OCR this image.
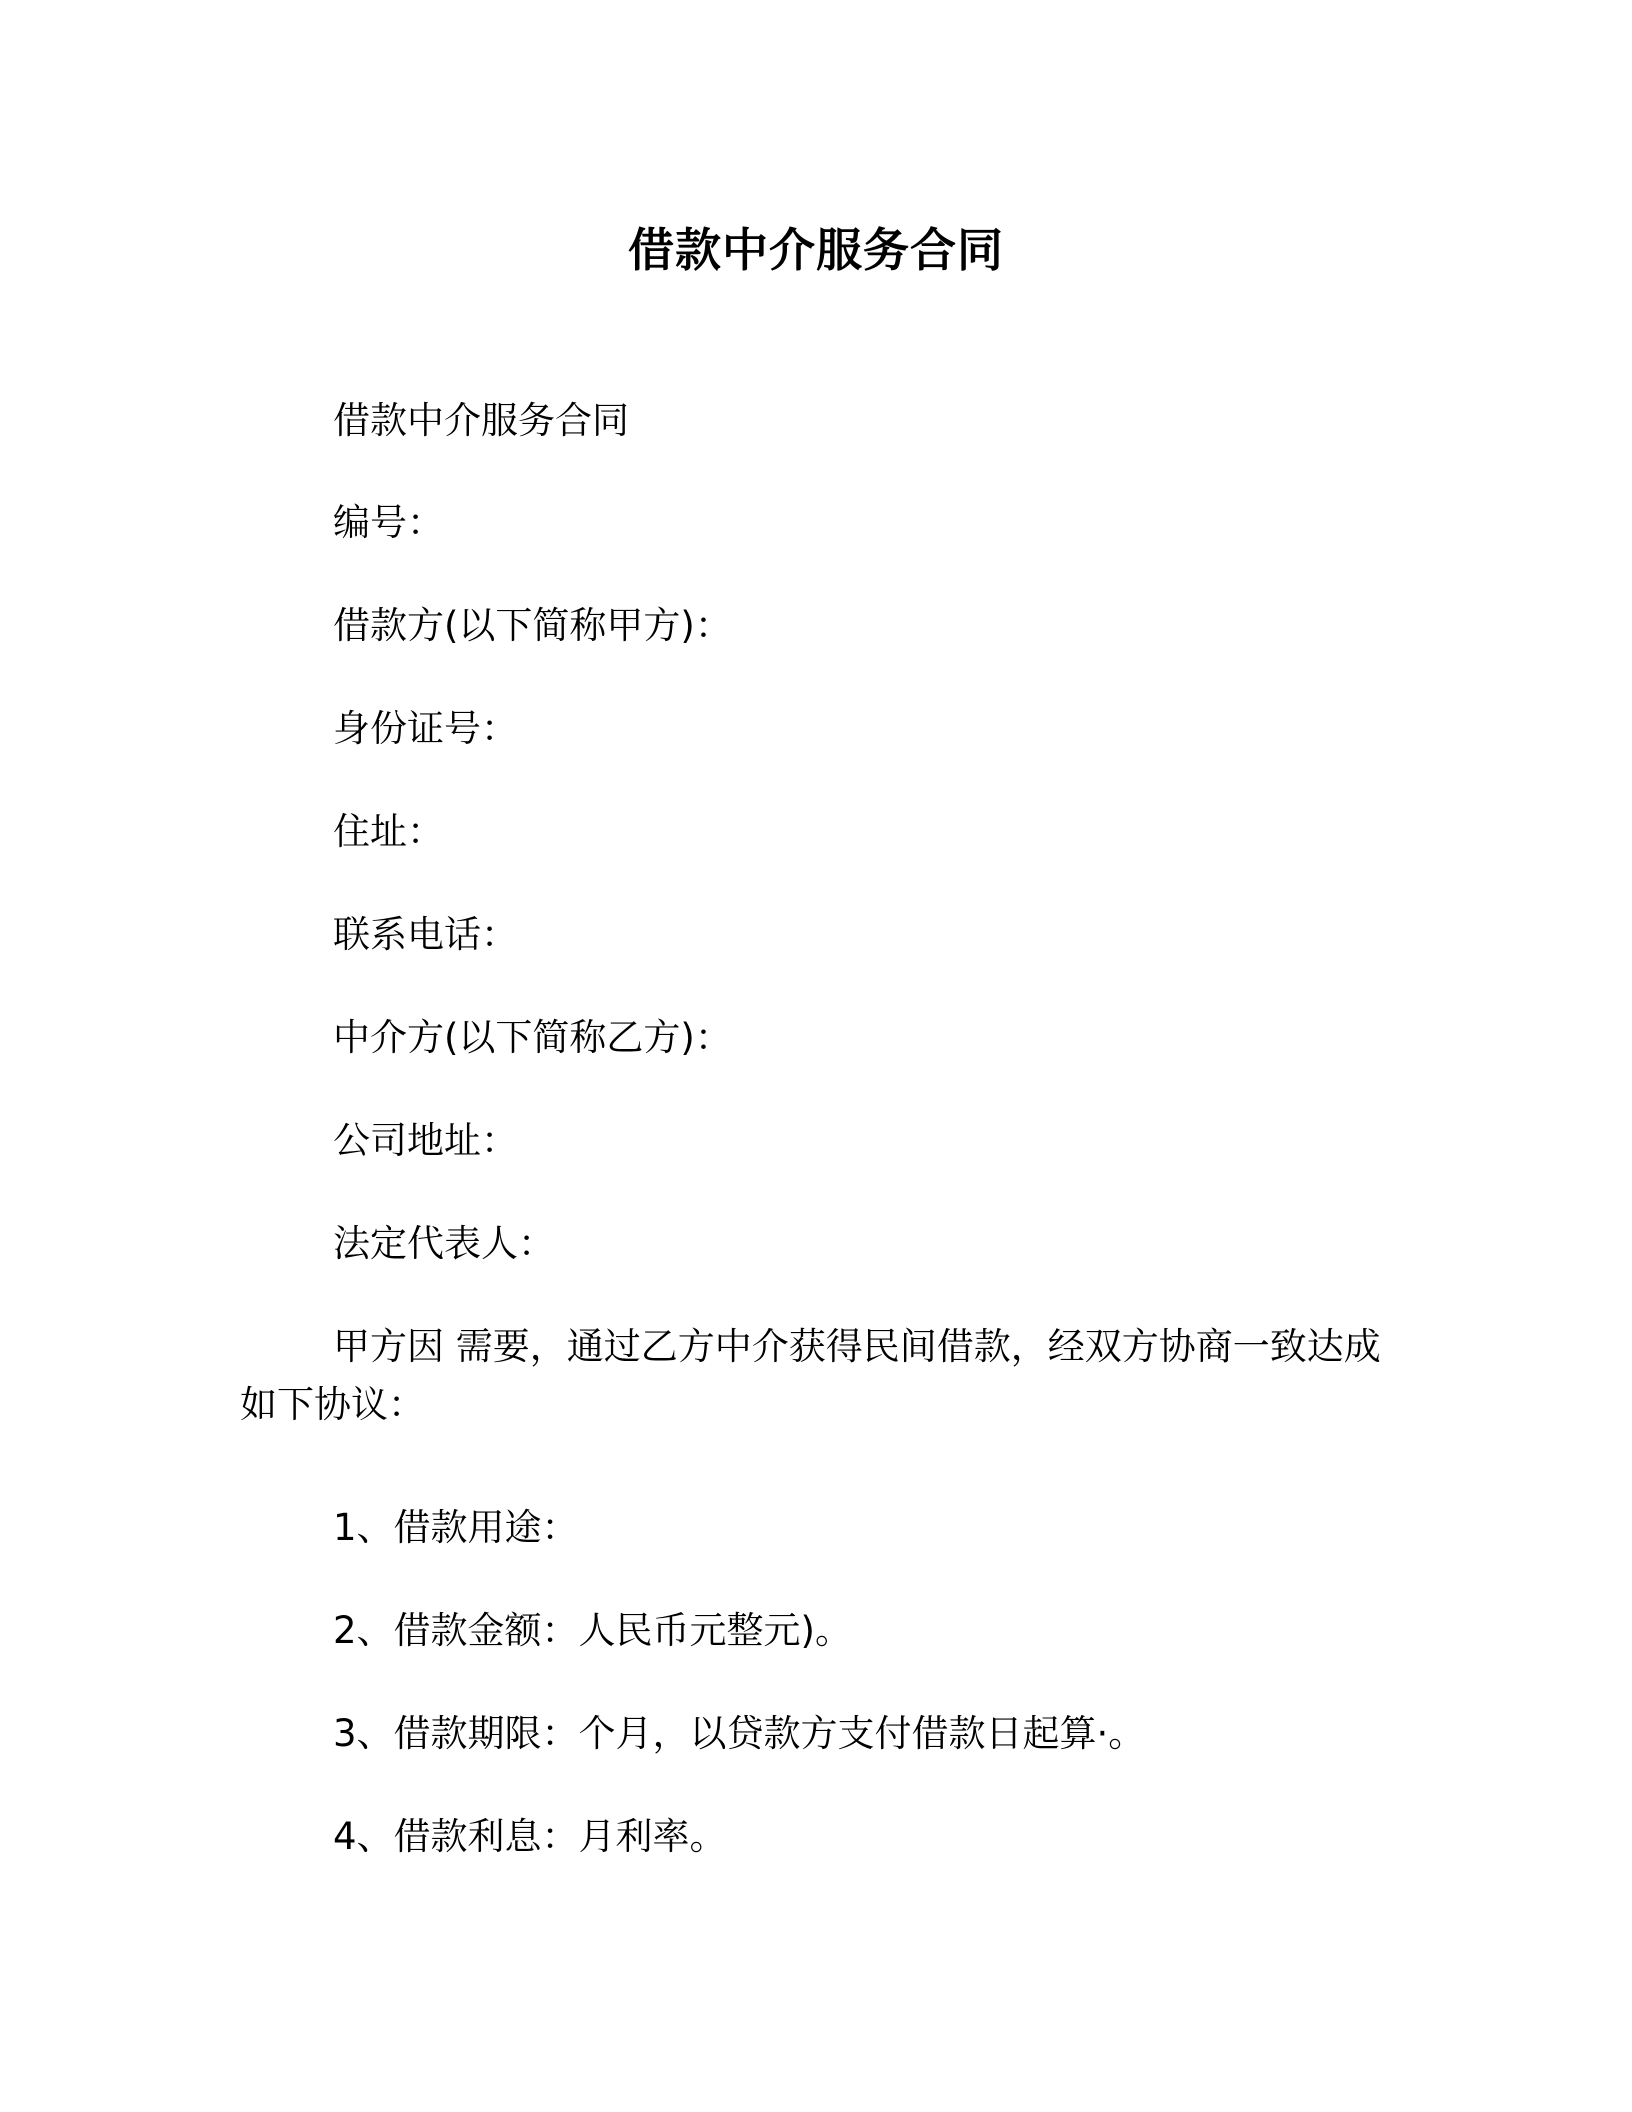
借款中介服务合同

借款中介服务合同

编号：

借款方(以下简称甲方)：

身份证号：

住址：

联系电话：

中介方(以下简称乙方)：

公司地址：

法定代表人：

甲方因 需要，通过乙方中介获得民间借款，经双方协商一致达成如下协议：

1、借款用途：

2、借款金额：人民币元整元)。

3、借款期限：个月，以贷款方支付借款日起算·。

4、借款利息：月利率。
